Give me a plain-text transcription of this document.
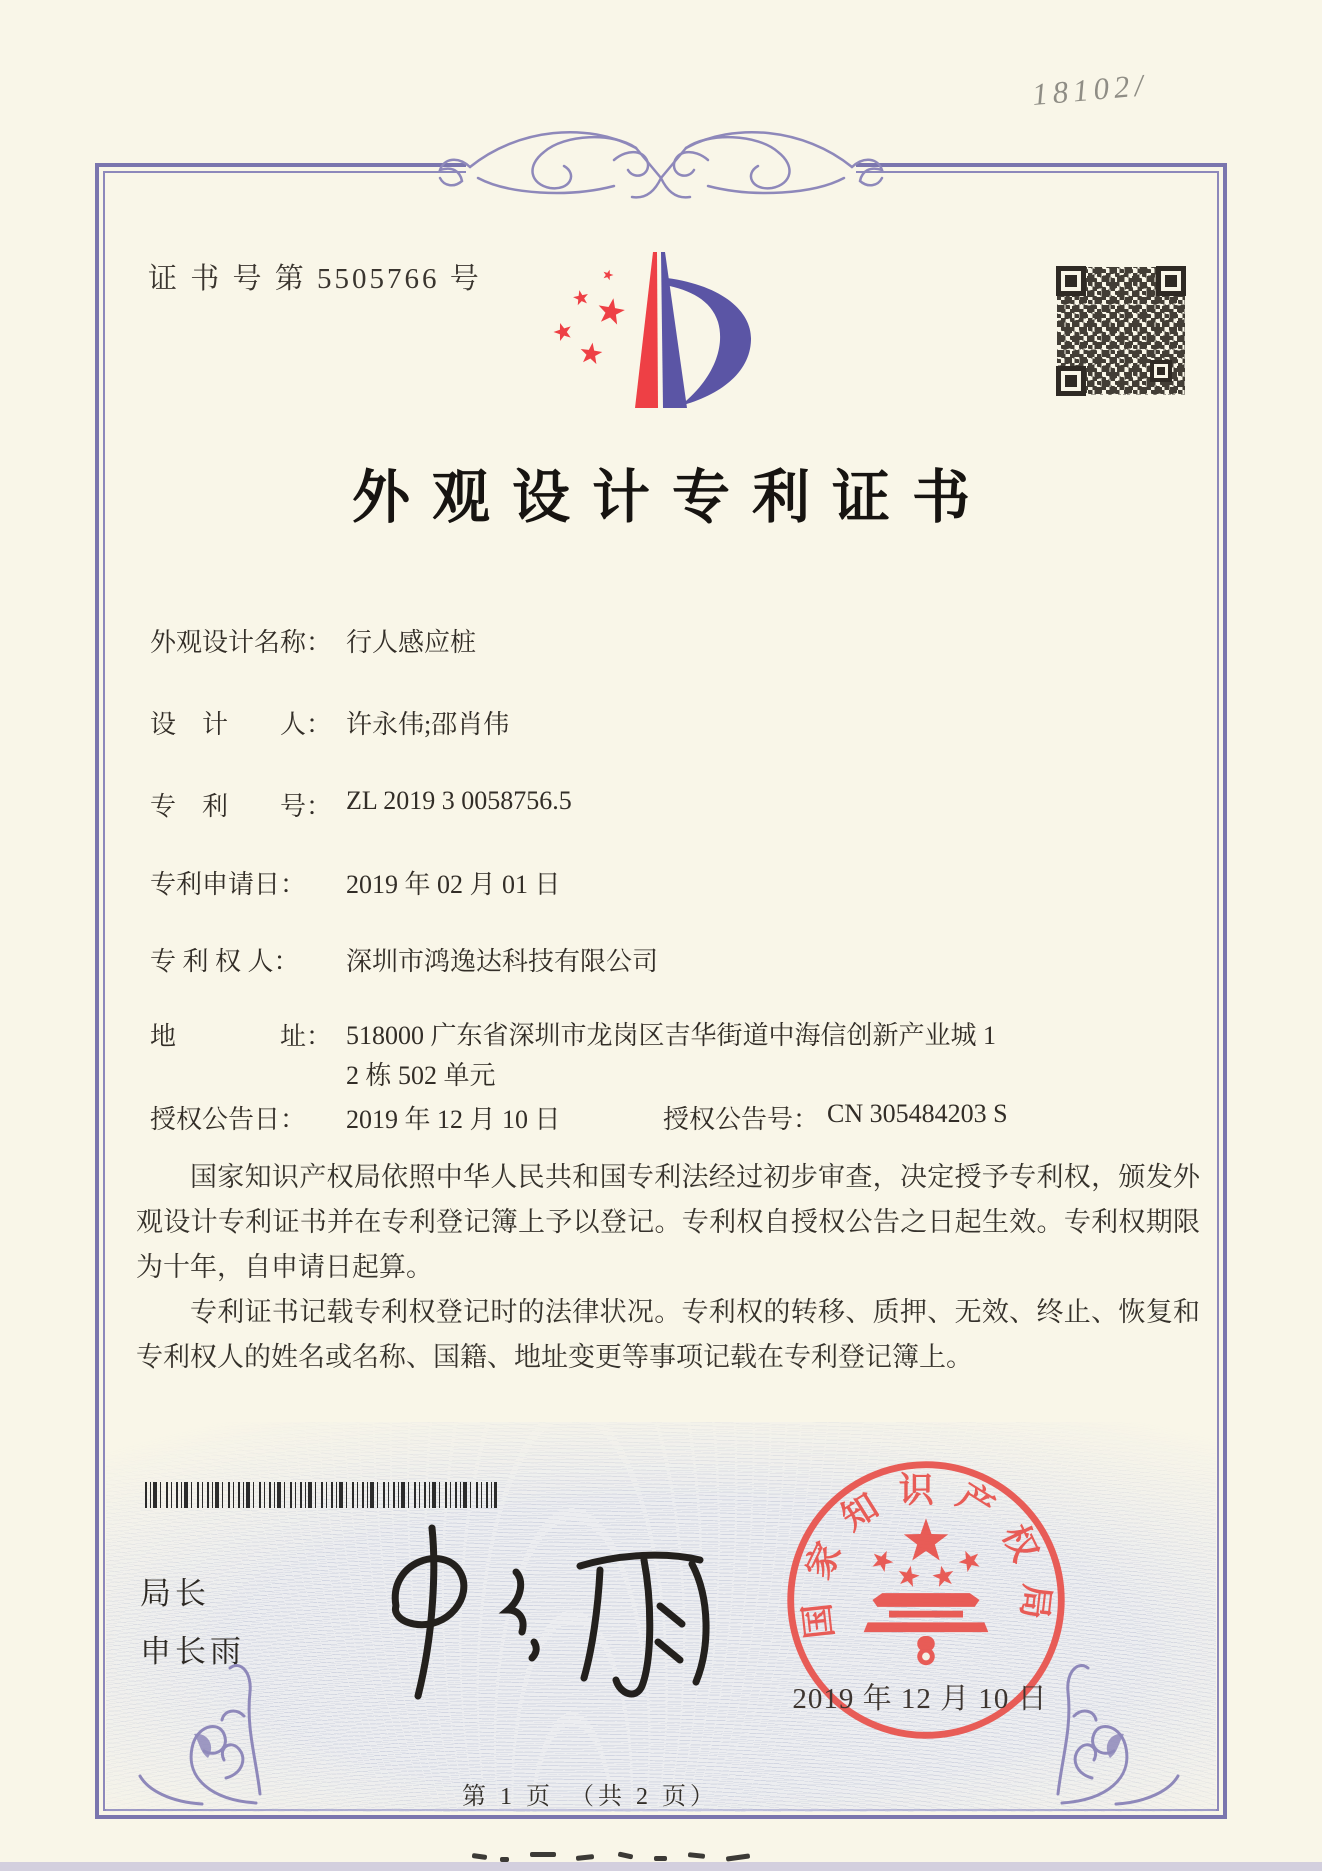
18102/
证 书 号 第 5505766 号
外观设计专利证书
外观设计名称： 行人感应桩
设　计　　人： 许永伟;邵肖伟
专　利　　号： ZL 2019 3 0058756.5
专利申请日：	2019 年 02 月 01 日
专 利 权 人：	深圳市鸿逸达科技有限公司
地　　　　址： 518000 广东省深圳市龙岗区吉华街道中海信创新产业城 1
2 栋 502 单元
授权公告日：	2019 年 12 月 10 日	授权公告号： CN 305484203 S

国家知识产权局依照中华人民共和国专利法经过初步审查，决定授予专利权，颁发外观设计专利证书并在专利登记簿上予以登记。专利权自授权公告之日起生效。专利权期限为十年，自申请日起算。

专利证书记载专利权登记时的法律状况。专利权的转移、质押、无效、终止、恢复和专利权人的姓名或名称、国籍、地址变更等事项记载在专利登记簿上。

局长
申长雨
国家知识产权局
2019 年 12 月 10 日
第 1 页　（共 2 页）
